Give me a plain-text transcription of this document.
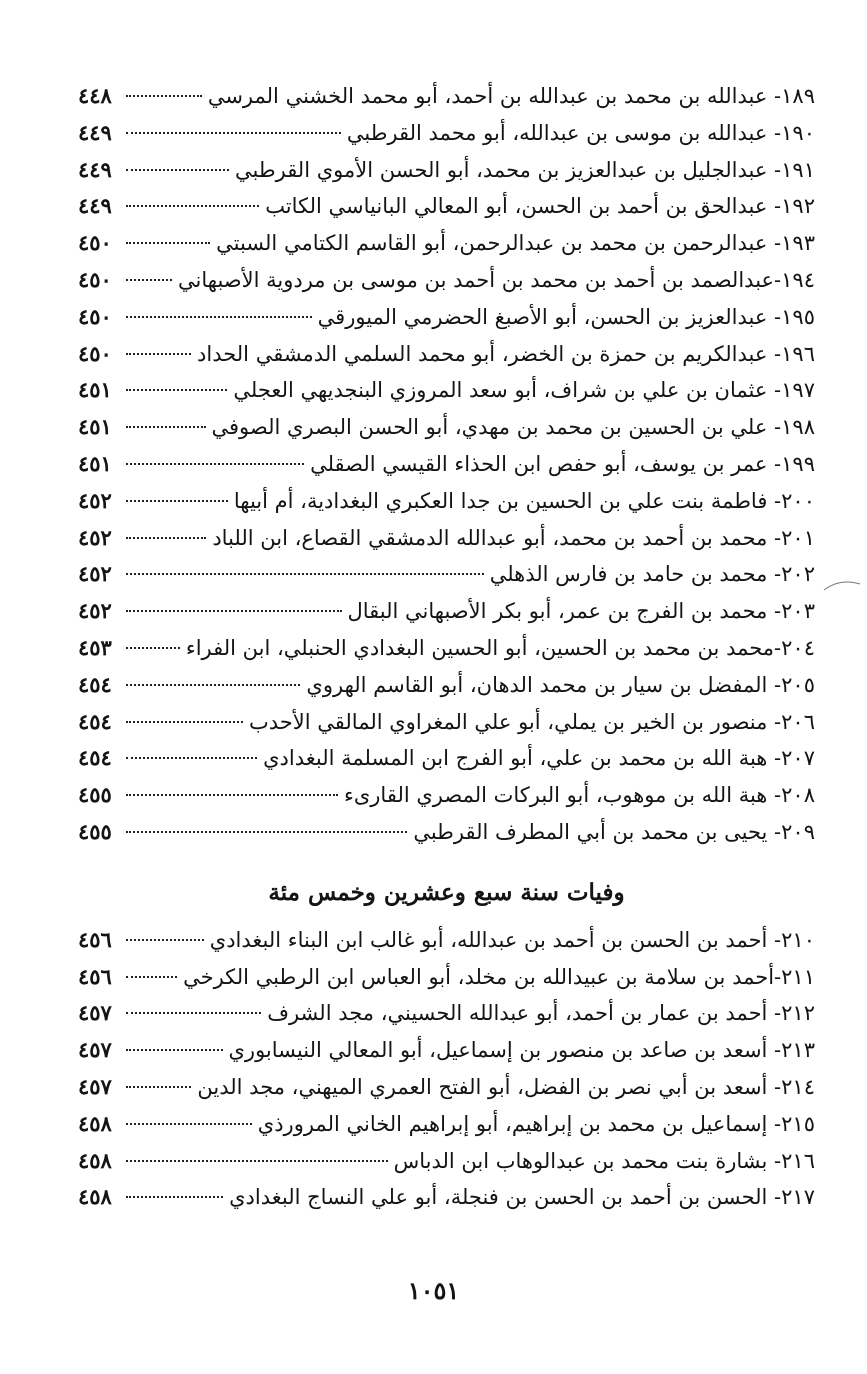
١٨٩- عبدالله بن محمد بن عبدالله بن أحمد، أبو محمد الخشني المرسي
٤٤٨
١٩٠- عبدالله بن موسى بن عبدالله، أبو محمد القرطبي
٤٤٩
١٩١- عبدالجليل بن عبدالعزيز بن محمد، أبو الحسن الأموي القرطبي
٤٤٩
١٩٢- عبدالحق بن أحمد بن الحسن، أبو المعالي البانياسي الكاتب
٤٤٩
١٩٣- عبدالرحمن بن محمد بن عبدالرحمن، أبو القاسم الكتامي السبتي
٤٥٠
١٩٤-عبدالصمد بن أحمد بن محمد بن أحمد بن موسى بن مردوية الأصبهاني
٤٥٠
١٩٥- عبدالعزيز بن الحسن، أبو الأصبغ الحضرمي الميورقي
٤٥٠
١٩٦- عبدالكريم بن حمزة بن الخضر، أبو محمد السلمي الدمشقي الحداد
٤٥٠
١٩٧- عثمان بن علي بن شراف، أبو سعد المروزي البنجديهي العجلي
٤٥١
١٩٨- علي بن الحسين بن محمد بن مهدي، أبو الحسن البصري الصوفي
٤٥١
١٩٩- عمر بن يوسف، أبو حفص ابن الحذاء القيسي الصقلي
٤٥١
٢٠٠- فاطمة بنت علي بن الحسين بن جدا العكبري البغدادية، أم أبيها
٤٥٢
٢٠١- محمد بن أحمد بن محمد، أبو عبدالله الدمشقي القصاع، ابن اللباد
٤٥٢
٢٠٢- محمد بن حامد بن فارس الذهلي
٤٥٢
٢٠٣- محمد بن الفرج بن عمر، أبو بكر الأصبهاني البقال
٤٥٢
٢٠٤-محمد بن محمد بن الحسين، أبو الحسين البغدادي الحنبلي، ابن الفراء
٤٥٣
٢٠٥- المفضل بن سيار بن محمد الدهان، أبو القاسم الهروي
٤٥٤
٢٠٦- منصور بن الخير بن يملي، أبو علي المغراوي المالقي الأحدب
٤٥٤
٢٠٧- هبة الله بن محمد بن علي، أبو الفرج ابن المسلمة البغدادي
٤٥٤
٢٠٨- هبة الله بن موهوب، أبو البركات المصري القارىء
٤٥٥
٢٠٩- يحيى بن محمد بن أبي المطرف القرطبي
٤٥٥
وفيات سنة سبع وعشرين وخمس مئة
٢١٠- أحمد بن الحسن بن أحمد بن عبدالله، أبو غالب ابن البناء البغدادي
٤٥٦
٢١١-أحمد بن سلامة بن عبيدالله بن مخلد، أبو العباس ابن الرطبي الكرخي
٤٥٦
٢١٢- أحمد بن عمار بن أحمد، أبو عبدالله الحسيني، مجد الشرف
٤٥٧
٢١٣- أسعد بن صاعد بن منصور بن إسماعيل، أبو المعالي النيسابوري
٤٥٧
٢١٤- أسعد بن أبي نصر بن الفضل، أبو الفتح العمري الميهني، مجد الدين
٤٥٧
٢١٥- إسماعيل بن محمد بن إبراهيم، أبو إبراهيم الخاني المرورذي
٤٥٨
٢١٦- بشارة بنت محمد بن عبدالوهاب ابن الدباس
٤٥٨
٢١٧- الحسن بن أحمد بن الحسن بن فنجلة، أبو علي النساج البغدادي
٤٥٨
١٠٥١
